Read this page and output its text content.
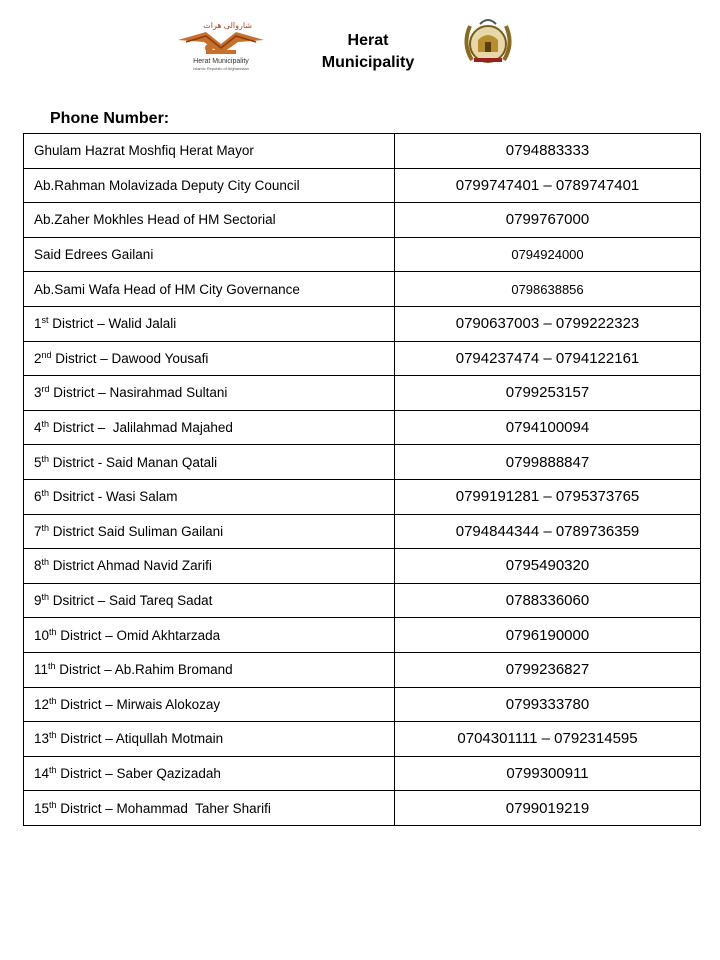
شاروالی هرات
Herat Municipality
Islamic Republic of Afghanistan
Herat
Municipality
Phone Number:
Ghulam Hazrat Moshfiq Herat Mayor	0794883333
Ab.Rahman Molavizada Deputy City Council	0799747401 – 0789747401
Ab.Zaher Mokhles Head of HM Sectorial	0799767000
Said Edrees Gailani	0794924000
Ab.Sami Wafa Head of HM City Governance	0798638856
1st District – Walid Jalali	0790637003 – 0799222323
2nd District – Dawood Yousafi	0794237474 – 0794122161
3rd District – Nasirahmad Sultani	0799253157
4th District –  Jalilahmad Majahed	0794100094
5th District - Said Manan Qatali	0799888847
6th Dsitrict - Wasi Salam	0799191281 – 0795373765
7th District Said Suliman Gailani	0794844344 – 0789736359
8th District Ahmad Navid Zarifi	0795490320
9th Dsitrict – Said Tareq Sadat	0788336060
10th District – Omid Akhtarzada	0796190000
11th District – Ab.Rahim Bromand	0799236827
12th District – Mirwais Alokozay	0799333780
13th District – Atiqullah Motmain	0704301111 – 0792314595
14th District – Saber Qazizadah	0799300911
15th District – Mohammad  Taher Sharifi	0799019219
